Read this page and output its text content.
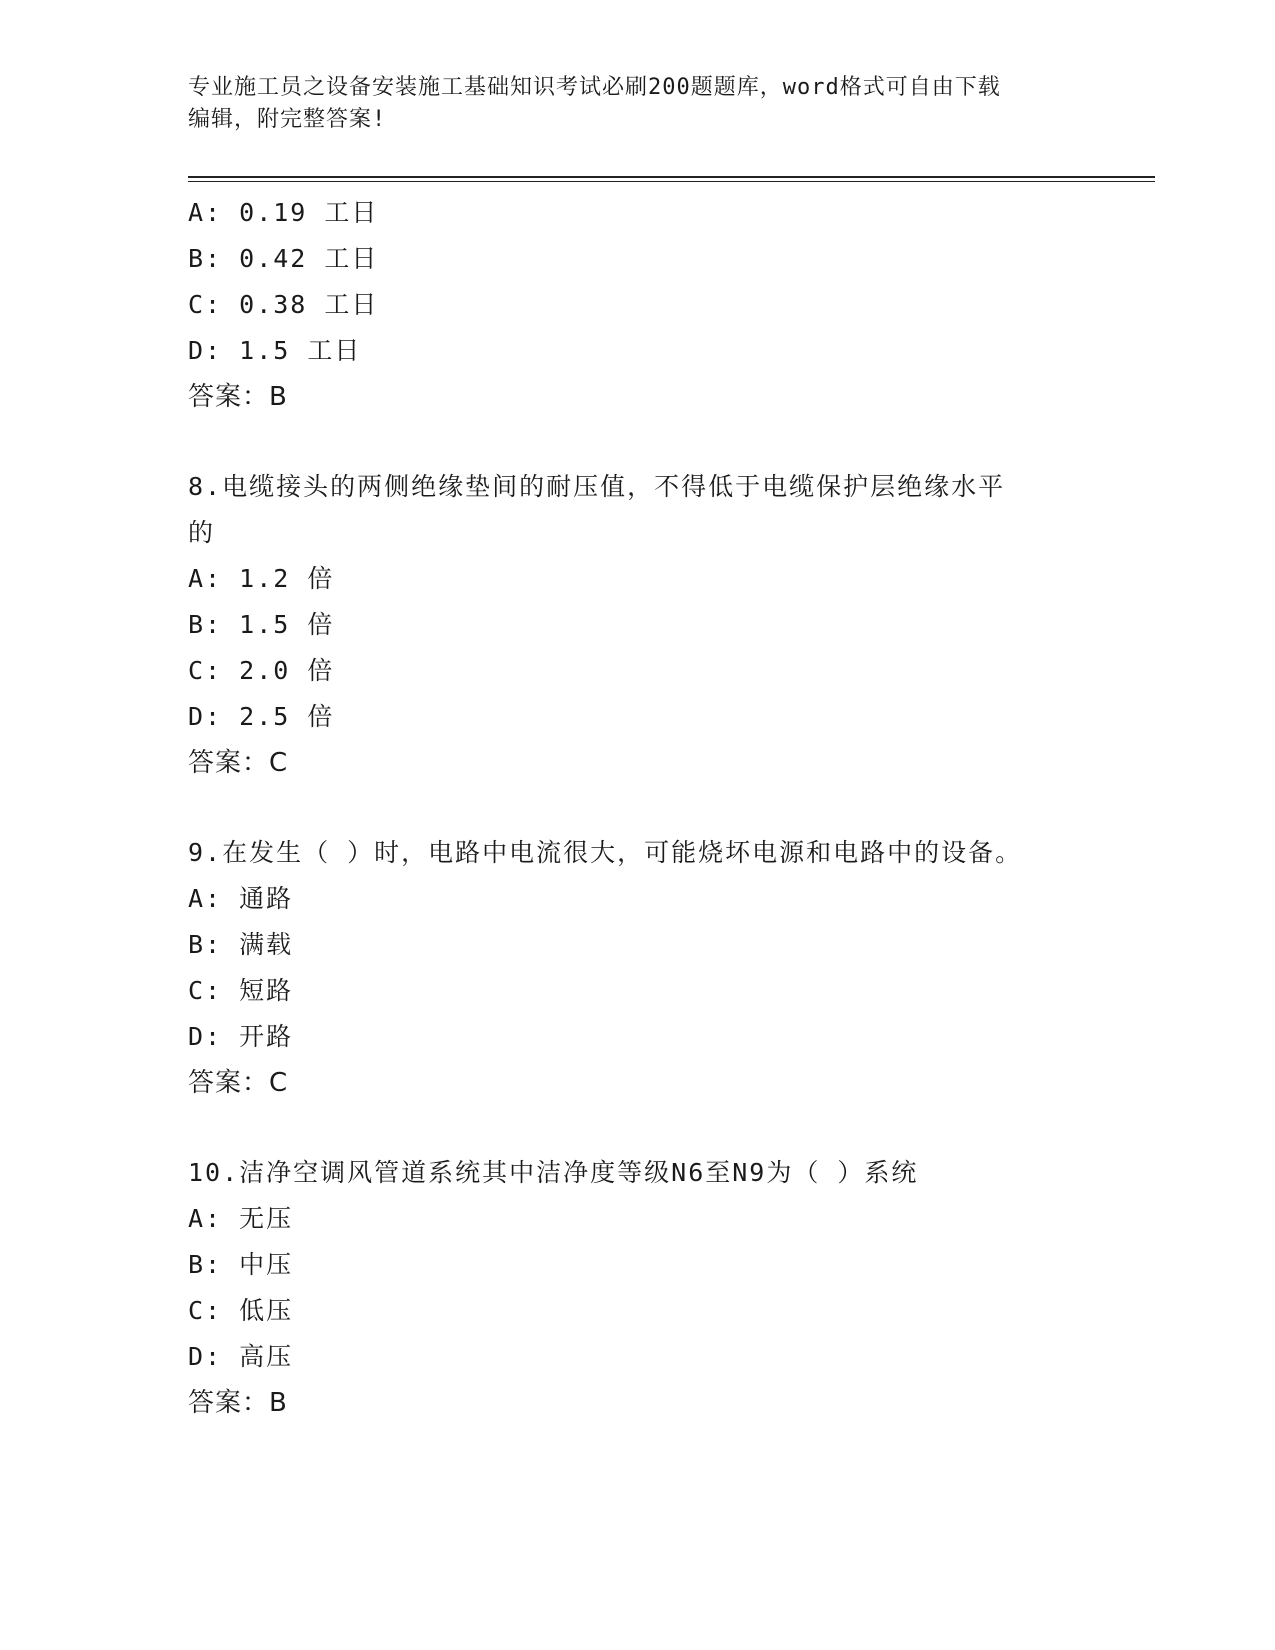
专业施工员之设备安装施工基础知识考试必刷200题题库，word格式可自由下载
编辑，附完整答案!
A: 0.19 工日
B: 0.42 工日
C: 0.38 工日
D: 1.5 工日
答案：B
8.电缆接头的两侧绝缘垫间的耐压值，不得低于电缆保护层绝缘水平
的
A: 1.2 倍
B: 1.5 倍
C: 2.0 倍
D: 2.5 倍
答案：C
9.在发生（ ）时，电路中电流很大，可能烧坏电源和电路中的设备。
A: 通路
B: 满载
C: 短路
D: 开路
答案：C
10.洁净空调风管道系统其中洁净度等级N6至N9为（ ）系统
A: 无压
B: 中压
C: 低压
D: 高压
答案：B
